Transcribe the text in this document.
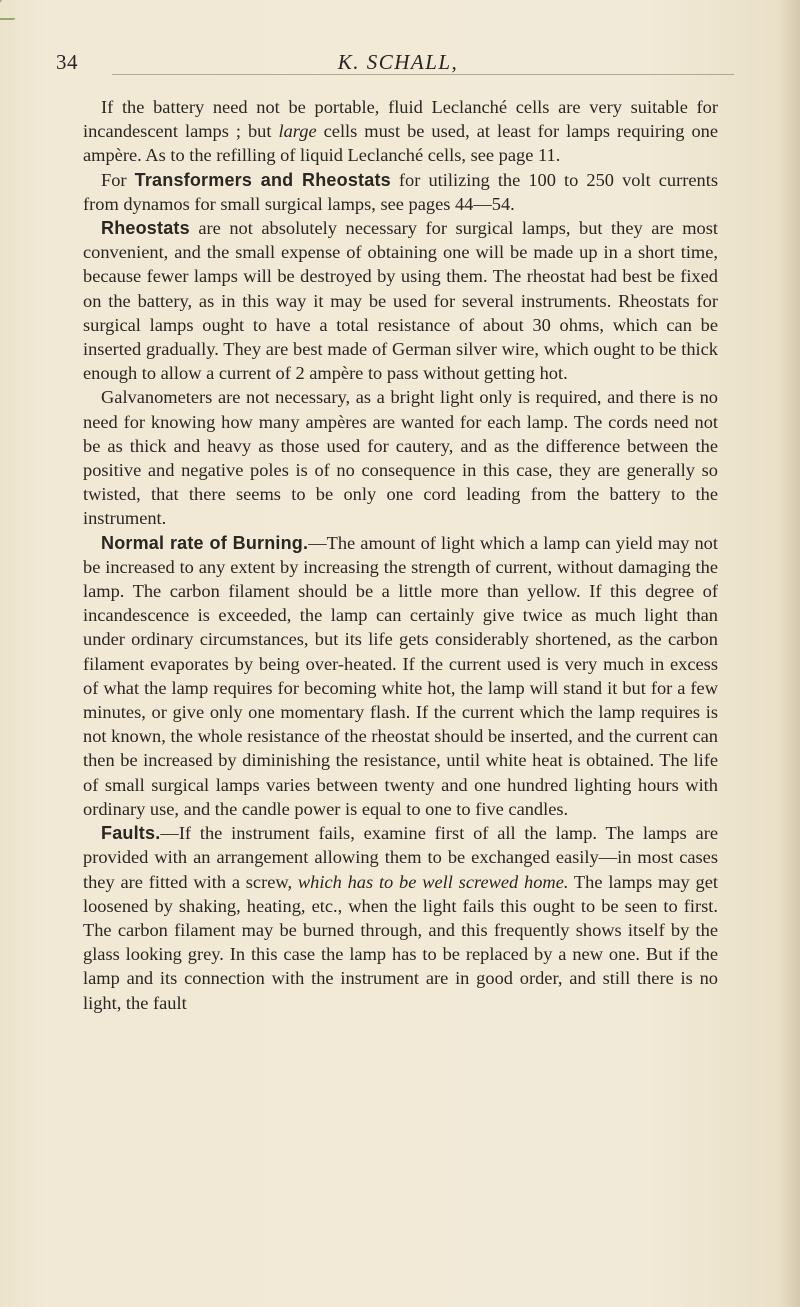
34	K. SCHALL,

If the battery need not be portable, fluid Leclanché cells are very suitable for incandescent lamps ; but large cells must be used, at least for lamps requiring one ampère. As to the refilling of liquid Leclanché cells, see page 11.

For Transformers and Rheostats for utilizing the 100 to 250 volt currents from dynamos for small surgical lamps, see pages 44—54.

Rheostats are not absolutely necessary for surgical lamps, but they are most convenient, and the small expense of obtaining one will be made up in a short time, because fewer lamps will be destroyed by using them. The rheostat had best be fixed on the battery, as in this way it may be used for several instruments. Rheostats for surgical lamps ought to have a total resistance of about 30 ohms, which can be inserted gradually. They are best made of German silver wire, which ought to be thick enough to allow a current of 2 ampère to pass without getting hot.

Galvanometers are not necessary, as a bright light only is required, and there is no need for knowing how many ampères are wanted for each lamp. The cords need not be as thick and heavy as those used for cautery, and as the difference between the positive and negative poles is of no consequence in this case, they are generally so twisted, that there seems to be only one cord leading from the battery to the instrument.

Normal rate of Burning.—The amount of light which a lamp can yield may not be increased to any extent by increasing the strength of current, without damaging the lamp. The carbon filament should be a little more than yellow. If this degree of incandescence is exceeded, the lamp can certainly give twice as much light than under ordinary circumstances, but its life gets considerably shortened, as the carbon filament evaporates by being over-heated. If the current used is very much in excess of what the lamp requires for becoming white hot, the lamp will stand it but for a few minutes, or give only one momentary flash. If the current which the lamp requires is not known, the whole resistance of the rheostat should be inserted, and the current can then be increased by diminishing the resistance, until white heat is obtained. The life of small surgical lamps varies between twenty and one hundred lighting hours with ordinary use, and the candle power is equal to one to five candles.

Faults.—If the instrument fails, examine first of all the lamp. The lamps are provided with an arrangement allowing them to be exchanged easily—in most cases they are fitted with a screw, which has to be well screwed home. The lamps may get loosened by shaking, heating, etc., when the light fails this ought to be seen to first. The carbon filament may be burned through, and this frequently shows itself by the glass looking grey. In this case the lamp has to be replaced by a new one. But if the lamp and its connection with the instrument are in good order, and still there is no light, the fault
